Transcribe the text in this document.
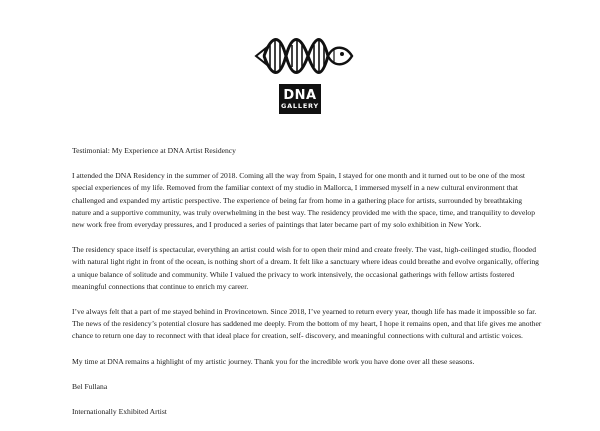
DNA
GALLERY

Testimonial: My Experience at DNA Artist Residency

I attended the DNA Residency in the summer of 2018. Coming all the way from Spain, I stayed for one month and it turned out to be one of the most special experiences of my life. Removed from the familiar context of my studio in Mallorca, I immersed myself in a new cultural environment that challenged and expanded my artistic perspective. The experience of being far from home in a gathering place for artists, surrounded by breathtaking nature and a supportive community, was truly overwhelming in the best way. The residency provided me with the space, time, and tranquility to develop new work free from everyday pressures, and I produced a series of paintings that later became part of my solo exhibition in New York.

The residency space itself is spectacular, everything an artist could wish for to open their mind and create freely. The vast, high-ceilinged studio, flooded with natural light right in front of the ocean, is nothing short of a dream. It felt like a sanctuary where ideas could breathe and evolve organically, offering a unique balance of solitude and community. While I valued the privacy to work intensively, the occasional gatherings with fellow artists fostered meaningful connections that continue to enrich my career.

I’ve always felt that a part of me stayed behind in Provincetown. Since 2018, I’ve yearned to return every year, though life has made it impossible so far. The news of the residency’s potential closure has saddened me deeply. From the bottom of my heart, I hope it remains open, and that life gives me another chance to return one day to reconnect with that ideal place for creation, self- discovery, and meaningful connections with cultural and artistic voices.

My time at DNA remains a highlight of my artistic journey. Thank you for the incredible work you have done over all these seasons.

Bel Fullana

Internationally Exhibited Artist
